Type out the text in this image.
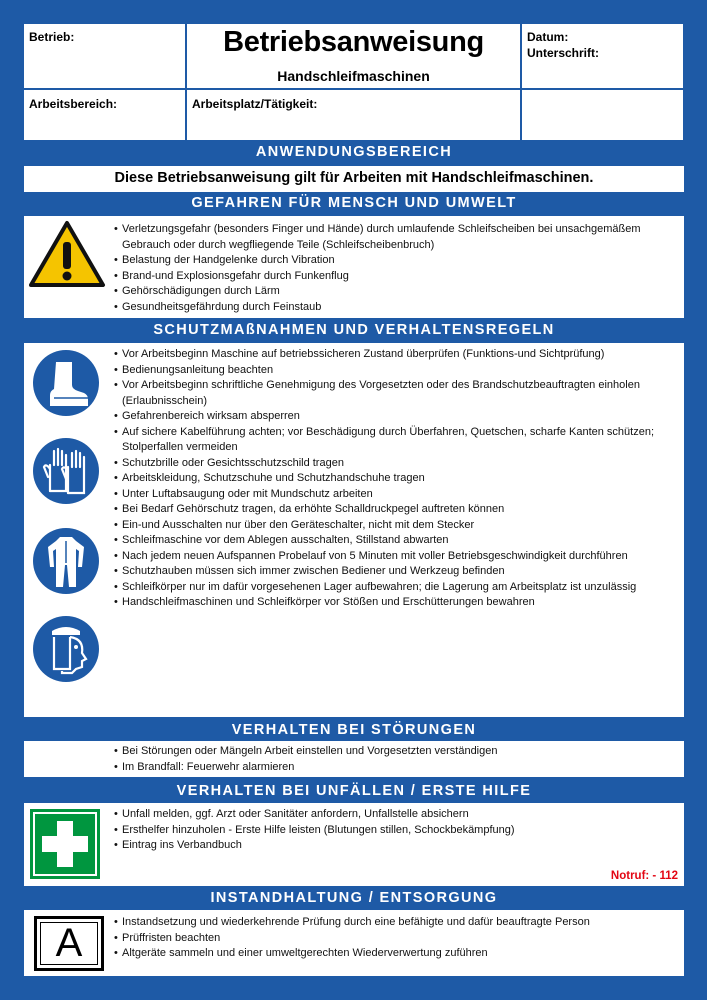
Betrieb:	Betriebsanweisung
Handschleifmaschinen
Datum:
Unterschrift:
Arbeitsbereich:	Arbeitsplatz/Tätigkeit:
ANWENDUNGSBEREICH
Diese Betriebsanweisung gilt für Arbeiten mit Handschleifmaschinen.
GEFAHREN FÜR MENSCH UND UMWELT
• Verletzungsgefahr (besonders Finger und Hände) durch umlaufende Schleifscheiben bei unsachgemäßem Gebrauch oder durch wegfliegende Teile (Schleifscheibenbruch)
• Belastung der Handgelenke durch Vibration
• Brand-und Explosionsgefahr durch Funkenflug
• Gehörschädigungen durch Lärm
• Gesundheitsgefährdung durch Feinstaub
SCHUTZMAßNAHMEN UND VERHALTENSREGELN
• Vor Arbeitsbeginn Maschine auf betriebssicheren Zustand überprüfen (Funktions-und Sichtprüfung)
• Bedienungsanleitung beachten
• Vor Arbeitsbeginn schriftliche Genehmigung des Vorgesetzten oder des Brandschutzbeauftragten einholen (Erlaubnisschein)
• Gefahrenbereich wirksam absperren
• Auf sichere Kabelführung achten; vor Beschädigung durch Überfahren, Quetschen, scharfe Kanten schützen; Stolperfallen vermeiden
• Schutzbrille oder Gesichtsschutzschild tragen
• Arbeitskleidung, Schutzschuhe und Schutzhandschuhe tragen
• Unter Luftabsaugung oder mit Mundschutz arbeiten
• Bei Bedarf Gehörschutz tragen, da erhöhte Schalldruckpegel auftreten können
• Ein-und Ausschalten nur über den Geräteschalter, nicht mit dem Stecker
• Schleifmaschine vor dem Ablegen ausschalten, Stillstand abwarten
• Nach jedem neuen Aufspannen Probelauf von 5 Minuten mit voller Betriebsgeschwindigkeit durchführen
• Schutzhauben müssen sich immer zwischen Bediener und Werkzeug befinden
• Schleifkörper nur im dafür vorgesehenen Lager aufbewahren; die Lagerung am Arbeitsplatz ist unzulässig
• Handschleifmaschinen und Schleifkörper vor Stößen und Erschütterungen bewahren
VERHALTEN BEI STÖRUNGEN
• Bei Störungen oder Mängeln Arbeit einstellen und Vorgesetzten verständigen
• Im Brandfall: Feuerwehr alarmieren
VERHALTEN BEI UNFÄLLEN / ERSTE HILFE
• Unfall melden, ggf. Arzt oder Sanitäter anfordern, Unfallstelle absichern
• Ersthelfer hinzuholen - Erste Hilfe leisten (Blutungen stillen, Schockbekämpfung)
• Eintrag ins Verbandbuch
Notruf: - 112
INSTANDHALTUNG / ENTSORGUNG
A
•	Instandsetzung und wiederkehrende Prüfung durch eine befähigte und dafür beauftragte Person
• Prüffristen beachten
• Altgeräte sammeln und einer umweltgerechten Wiederverwertung zuführen
